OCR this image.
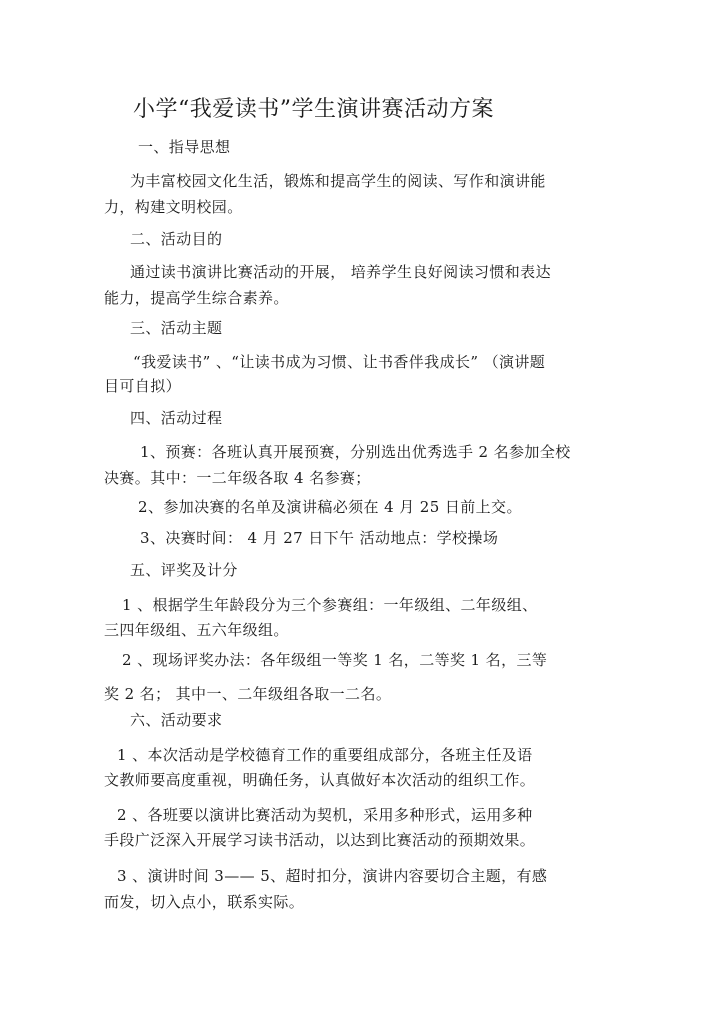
小学“我爱读书”学生演讲赛活动方案
一、指导思想
为丰富校园文化生活，锻炼和提高学生的阅读、写作和演讲能
力，构建文明校园。
二、活动目的
通过读书演讲比赛活动的开展， 培养学生良好阅读习惯和表达
能力，提高学生综合素养。
三、活动主题
“我爱读书” 、“让读书成为习惯、让书香伴我成长” （演讲题
目可自拟）
四、活动过程
1、预赛：各班认真开展预赛，分别选出优秀选手 2 名参加全校
决赛。其中：一二年级各取 4 名参赛；
2、参加决赛的名单及演讲稿必须在 4 月 25 日前上交。
3、决赛时间： 4 月 27 日下午 活动地点：学校操场
五、评奖及计分
1 、根据学生年龄段分为三个参赛组：一年级组、二年级组、
三四年级组、五六年级组。
2 、现场评奖办法：各年级组一等奖 1 名，二等奖 1 名，三等
奖 2 名； 其中一、二年级组各取一二名。
六、活动要求
1 、本次活动是学校德育工作的重要组成部分，各班主任及语
文教师要高度重视，明确任务，认真做好本次活动的组织工作。
2 、各班要以演讲比赛活动为契机，采用多种形式，运用多种
手段广泛深入开展学习读书活动，以达到比赛活动的预期效果。
3 、演讲时间 3—— 5、超时扣分，演讲内容要切合主题，有感
而发，切入点小，联系实际。
